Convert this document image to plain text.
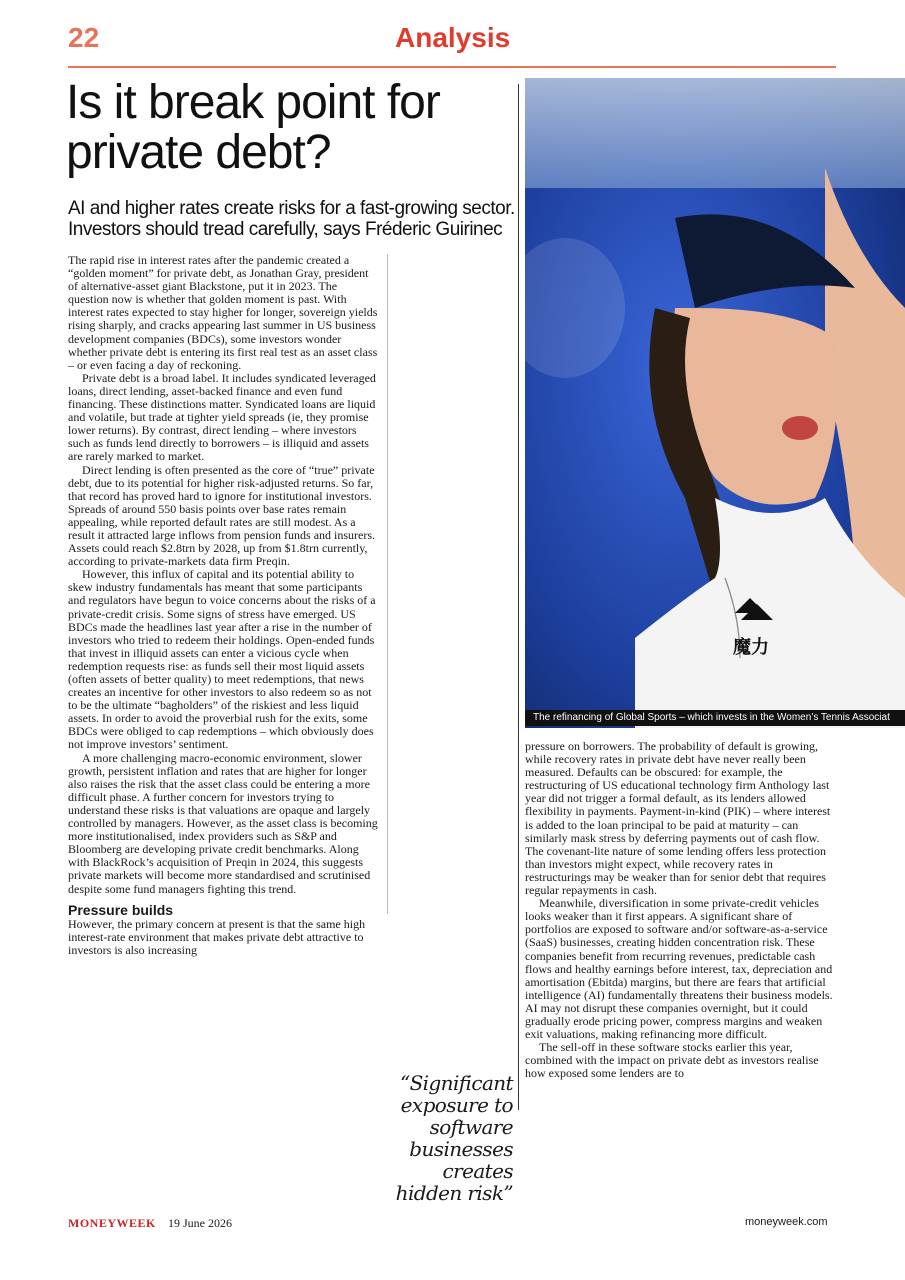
22	Analysis
Is it break point for private debt?

AI and higher rates create risks for a fast-growing sector. Investors should tread carefully, says Fréderic Guirinec

The rapid rise in interest rates after the pandemic created a “golden moment” for private debt, as Jonathan Gray, president of alternative-asset giant Blackstone, put it in 2023. The question now is whether that golden moment is past. With interest rates expected to stay higher for longer, sovereign yields rising sharply, and cracks appearing last summer in US business development companies (BDCs), some investors wonder whether private debt is entering its first real test as an asset class – or even facing a day of reckoning.

Private debt is a broad label. It includes syndicated leveraged loans, direct lending, asset-backed finance and even fund financing. These distinctions matter. Syndicated loans are liquid and volatile, but trade at tighter yield spreads (ie, they promise lower returns). By contrast, direct lending – where investors such as funds lend directly to borrowers – is illiquid and assets are rarely marked to market.

Direct lending is often presented as the core of “true” private debt, due to its potential for higher risk-adjusted returns. So far, that record has proved hard to ignore for institutional investors. Spreads of around 550 basis points over base rates remain appealing, while reported default rates are still modest. As a result it attracted large inflows from pension funds and insurers. Assets could reach $2.8trn by 2028, up from $1.8trn currently, according to private-markets data firm Preqin.

However, this influx of capital and its potential ability to skew industry fundamentals has meant that some participants and regulators have begun to voice concerns about the risks of a private-credit crisis. Some signs of stress have emerged. US BDCs made the headlines last year after a rise in the number of investors who tried to redeem their holdings. Open-ended funds that invest in illiquid assets can enter a vicious cycle when redemption requests rise: as funds sell their most liquid assets (often assets of better quality) to meet redemptions, that news creates an incentive for other investors to also redeem so as not to be the ultimate “bagholders” of the riskiest and less liquid assets. In order to avoid the proverbial rush for the exits, some BDCs were obliged to cap redemptions – which obviously does not improve investors’ sentiment.

A more challenging macro-economic environment, slower growth, persistent inflation and rates that are higher for longer also raises the risk that the asset class could be entering a more difficult phase. A further concern for investors trying to understand these risks is that valuations are opaque and largely controlled by managers. However, as the asset class is becoming more institutionalised, index providers such as S&P and Bloomberg are developing private credit benchmarks. Along with BlackRock’s acquisition of Preqin in 2024, this suggests private markets will become more standardised and scrutinised despite some fund managers fighting this trend.

Pressure builds

However, the primary concern at present is that the same high interest-rate environment that makes private debt attractive to investors is also increasing

“Significant exposure to software businesses creates hidden risk”

魔力
The refinancing of Global Sports – which invests in the Women’s Tennis Associat

pressure on borrowers. The probability of default is growing, while recovery rates in private debt have never really been measured. Defaults can be obscured: for example, the restructuring of US educational technology firm Anthology last year did not trigger a formal default, as its lenders allowed flexibility in payments. Payment-in-kind (PIK) – where interest is added to the loan principal to be paid at maturity – can similarly mask stress by deferring payments out of cash flow. The covenant-lite nature of some lending offers less protection than investors might expect, while recovery rates in restructurings may be weaker than for senior debt that requires regular repayments in cash.

Meanwhile, diversification in some private-credit vehicles looks weaker than it first appears. A significant share of portfolios are exposed to software and/or software-as-a-service (SaaS) businesses, creating hidden concentration risk. These companies benefit from recurring revenues, predictable cash flows and healthy earnings before interest, tax, depreciation and amortisation (Ebitda) margins, but there are fears that artificial intelligence (AI) fundamentally threatens their business models. AI may not disrupt these companies overnight, but it could gradually erode pricing power, compress margins and weaken exit valuations, making refinancing more difficult.

The sell-off in these software stocks earlier this year, combined with the impact on private debt as investors realise how exposed some lenders are to

MONEYWEEK 19 June 2026	moneyweek.com
